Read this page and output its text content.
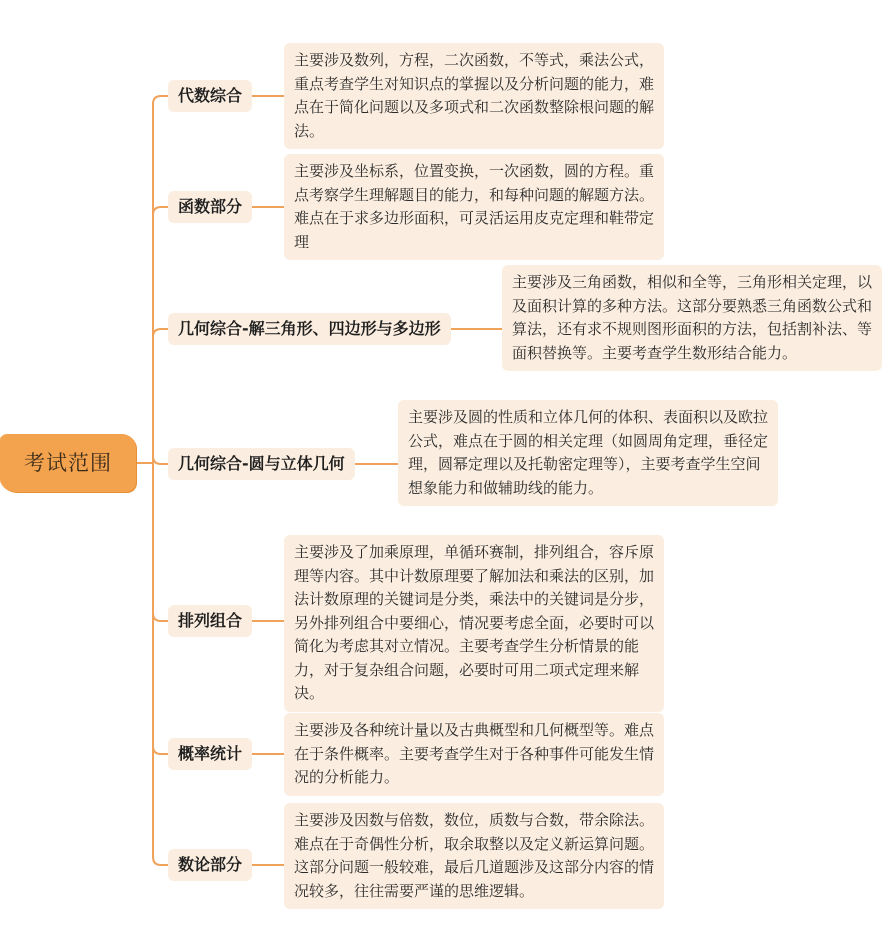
考试范围
代数综合
主要涉及数列，方程，二次函数，不等式，乘法公式，重点考查学生对知识点的掌握以及分析问题的能力，难点在于简化问题以及多项式和二次函数整除根问题的解法。
函数部分
主要涉及坐标系，位置变换，一次函数，圆的方程。重点考察学生理解题目的能力，和每种问题的解题方法。难点在于求多边形面积，可灵活运用皮克定理和鞋带定理
几何综合-解三角形、四边形与多边形
主要涉及三角函数，相似和全等，三角形相关定理，以及面积计算的多种方法。这部分要熟悉三角函数公式和算法，还有求不规则图形面积的方法，包括割补法、等面积替换等。主要考查学生数形结合能力。
几何综合-圆与立体几何
主要涉及圆的性质和立体几何的体积、表面积以及欧拉公式，难点在于圆的相关定理（如圆周角定理，垂径定理，圆幂定理以及托勒密定理等），主要考查学生空间想象能力和做辅助线的能力。
排列组合
主要涉及了加乘原理，单循环赛制，排列组合，容斥原理等内容。其中计数原理要了解加法和乘法的区别，加法计数原理的关键词是分类，乘法中的关键词是分步，另外排列组合中要细心，情况要考虑全面，必要时可以简化为考虑其对立情况。主要考查学生分析情景的能力，对于复杂组合问题，必要时可用二项式定理来解决。
概率统计
主要涉及各种统计量以及古典概型和几何概型等。难点在于条件概率。主要考查学生对于各种事件可能发生情况的分析能力。
数论部分
主要涉及因数与倍数，数位，质数与合数，带余除法。难点在于奇偶性分析，取余取整以及定义新运算问题。这部分问题一般较难，最后几道题涉及这部分内容的情况较多，往往需要严谨的思维逻辑。
